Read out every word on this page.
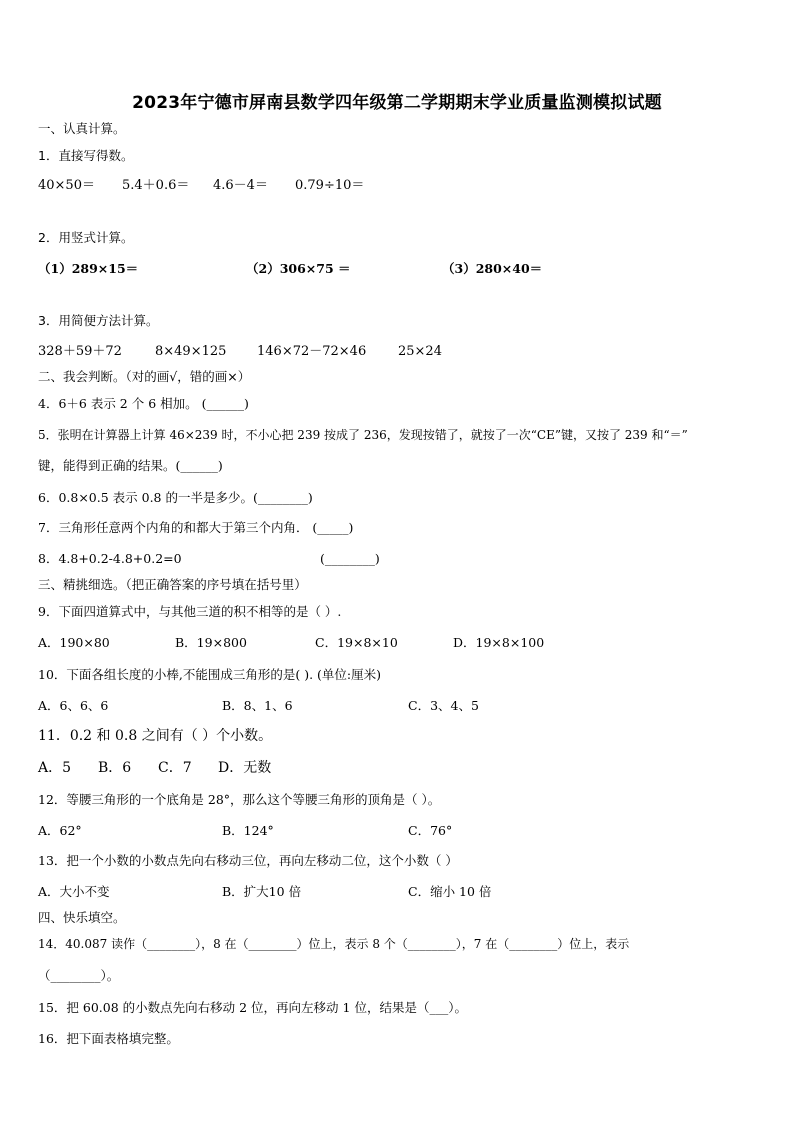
2023年宁德市屏南县数学四年级第二学期期末学业质量监测模拟试题
一、认真计算。
1．直接写得数。
40×50＝ 5.4＋0.6＝ 4.6－4＝ 0.79÷10＝
2．用竖式计算。
（1）289×15＝	（2）306×75 ＝	（3）280×40＝
3．用简便方法计算。
328＋59＋72	8×49×125 146×72－72×46 25×24
二、我会判断。（对的画√，错的画×）
4．6＋6 表示 2 个 6 相加。 (______)
5．张明在计算器上计算 46×239 时，不小心把 239 按成了 236，发现按错了，就按了一次“CE”键，又按了 239 和“＝”
键，能得到正确的结果。(______)
6．0.8×0.5 表示 0.8 的一半是多少。(________)
7．三角形任意两个内角的和都大于第三个内角． (_____)
8．4.8+0.2-4.8+0.2=0	(________)
三、精挑细选。（把正确答案的序号填在括号里）
9．下面四道算式中，与其他三道的积不相等的是（ ）.
A．190×80	B．19×800	C．19×8×10	D．19×8×100
10．下面各组长度的小棒,不能围成三角形的是( ). (单位:厘米)
A．6、6、6	B．8、1、6	C．3、4、5
11．0.2 和 0.8 之间有（ ）个小数。
A．5 B．6 C．7 D．无数
12．等腰三角形的一个底角是 28°，那么这个等腰三角形的顶角是（ ）。
A．62°	B．124°	C．76°
13．把一个小数的小数点先向右移动三位，再向左移动二位，这个小数（ ）
A．大小不变	B．扩大10 倍	C．缩小 10 倍
四、快乐填空。
14．40.087 读作（________），8 在（________）位上，表示 8 个（________），7 在（________）位上，表示
（________）。
15．把 60.08 的小数点先向右移动 2 位，再向左移动 1 位，结果是（___）。
16．把下面表格填完整。
